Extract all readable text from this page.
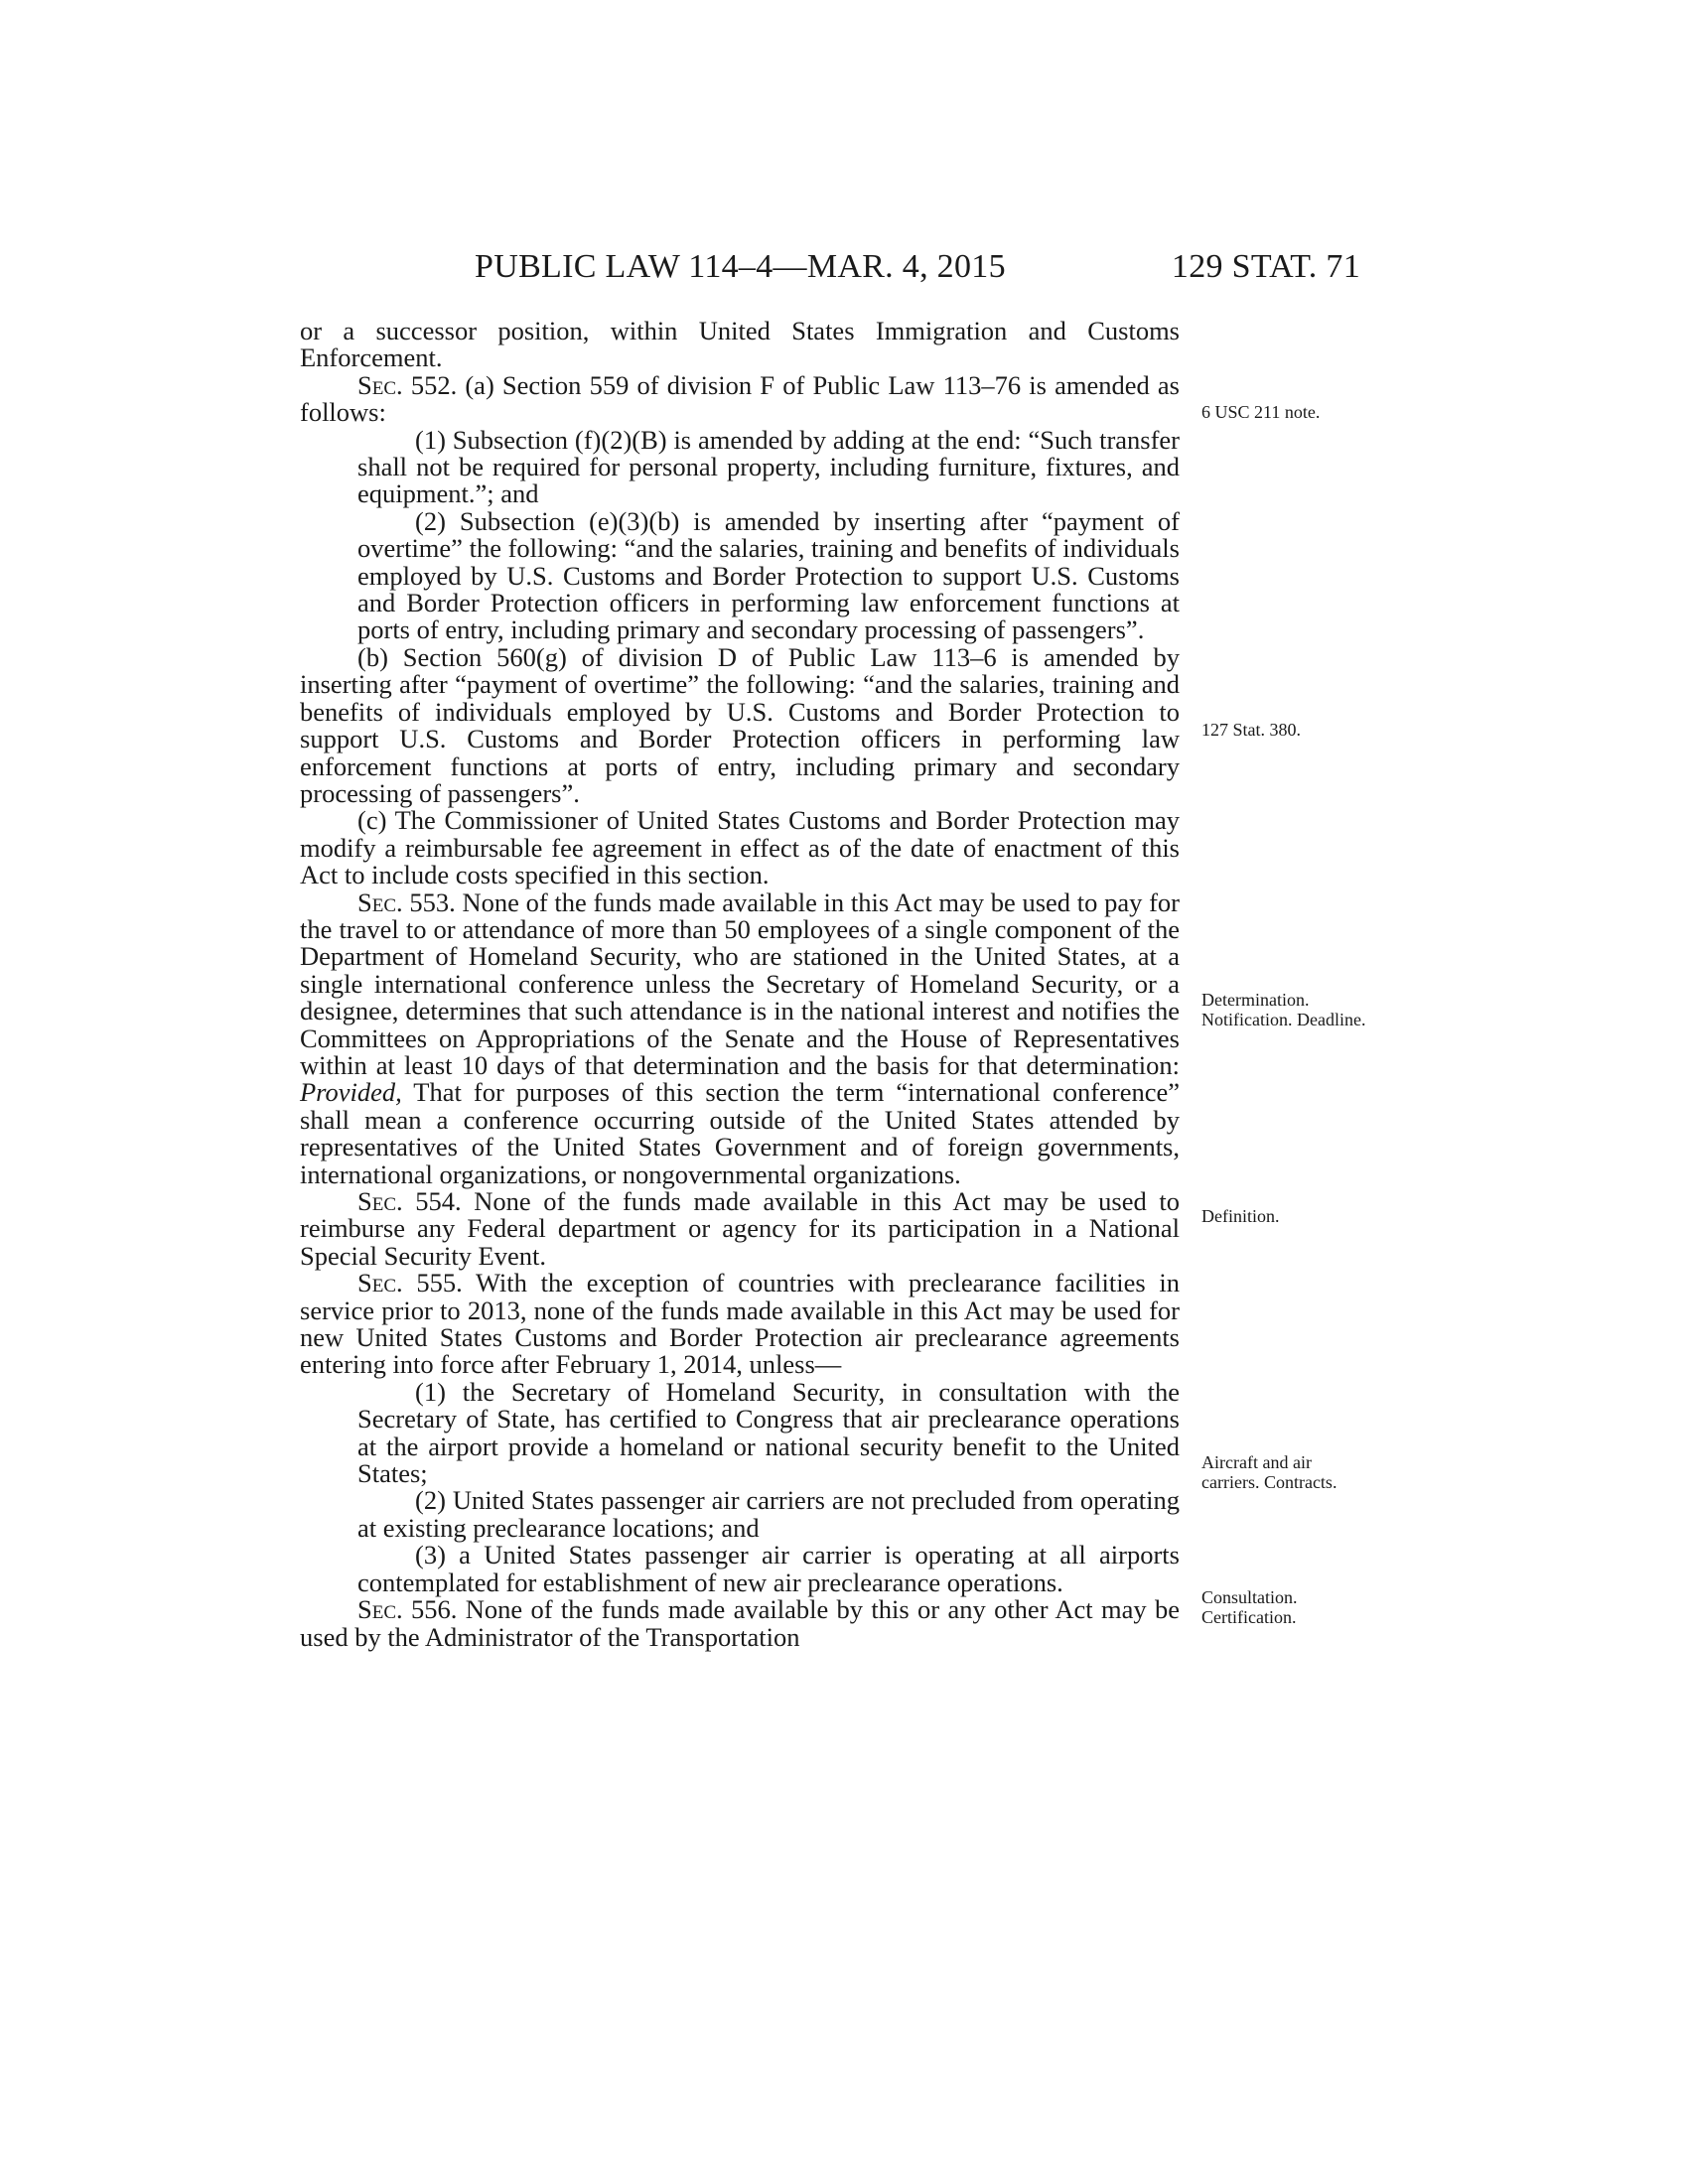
PUBLIC LAW 114–4—MAR. 4, 2015	129 STAT. 71

or a successor position, within United States Immigration and Customs Enforcement.

Sec. 552. (a) Section 559 of division F of Public Law 113–76 is amended as follows:

(1) Subsection (f)(2)(B) is amended by adding at the end: “Such transfer shall not be required for personal property, including furniture, fixtures, and equipment.”; and

(2) Subsection (e)(3)(b) is amended by inserting after “payment of overtime” the following: “and the salaries, training and benefits of individuals employed by U.S. Customs and Border Protection to support U.S. Customs and Border Protection officers in performing law enforcement functions at ports of entry, including primary and secondary processing of passengers”.

(b) Section 560(g) of division D of Public Law 113–6 is amended by inserting after “payment of overtime” the following: “and the salaries, training and benefits of individuals employed by U.S. Customs and Border Protection to support U.S. Customs and Border Protection officers in performing law enforcement functions at ports of entry, including primary and secondary processing of passengers”.

(c) The Commissioner of United States Customs and Border Protection may modify a reimbursable fee agreement in effect as of the date of enactment of this Act to include costs specified in this section.

Sec. 553. None of the funds made available in this Act may be used to pay for the travel to or attendance of more than 50 employees of a single component of the Department of Homeland Security, who are stationed in the United States, at a single international conference unless the Secretary of Homeland Security, or a designee, determines that such attendance is in the national interest and notifies the Committees on Appropriations of the Senate and the House of Representatives within at least 10 days of that determination and the basis for that determination: Provided, That for purposes of this section the term “international conference” shall mean a conference occurring outside of the United States attended by representatives of the United States Government and of foreign governments, international organizations, or nongovernmental organizations.

Sec. 554. None of the funds made available in this Act may be used to reimburse any Federal department or agency for its participation in a National Special Security Event.

Sec. 555. With the exception of countries with preclearance facilities in service prior to 2013, none of the funds made available in this Act may be used for new United States Customs and Border Protection air preclearance agreements entering into force after February 1, 2014, unless—

(1) the Secretary of Homeland Security, in consultation with the Secretary of State, has certified to Congress that air preclearance operations at the airport provide a homeland or national security benefit to the United States;

(2) United States passenger air carriers are not precluded from operating at existing preclearance locations; and

(3) a United States passenger air carrier is operating at all airports contemplated for establishment of new air preclearance operations.

Sec. 556. None of the funds made available by this or any other Act may be used by the Administrator of the Transportation

6 USC 211 note.
127 Stat. 380.
Determination. Notification. Deadline.
Definition.
Aircraft and air carriers. Contracts.
Consultation. Certification.
